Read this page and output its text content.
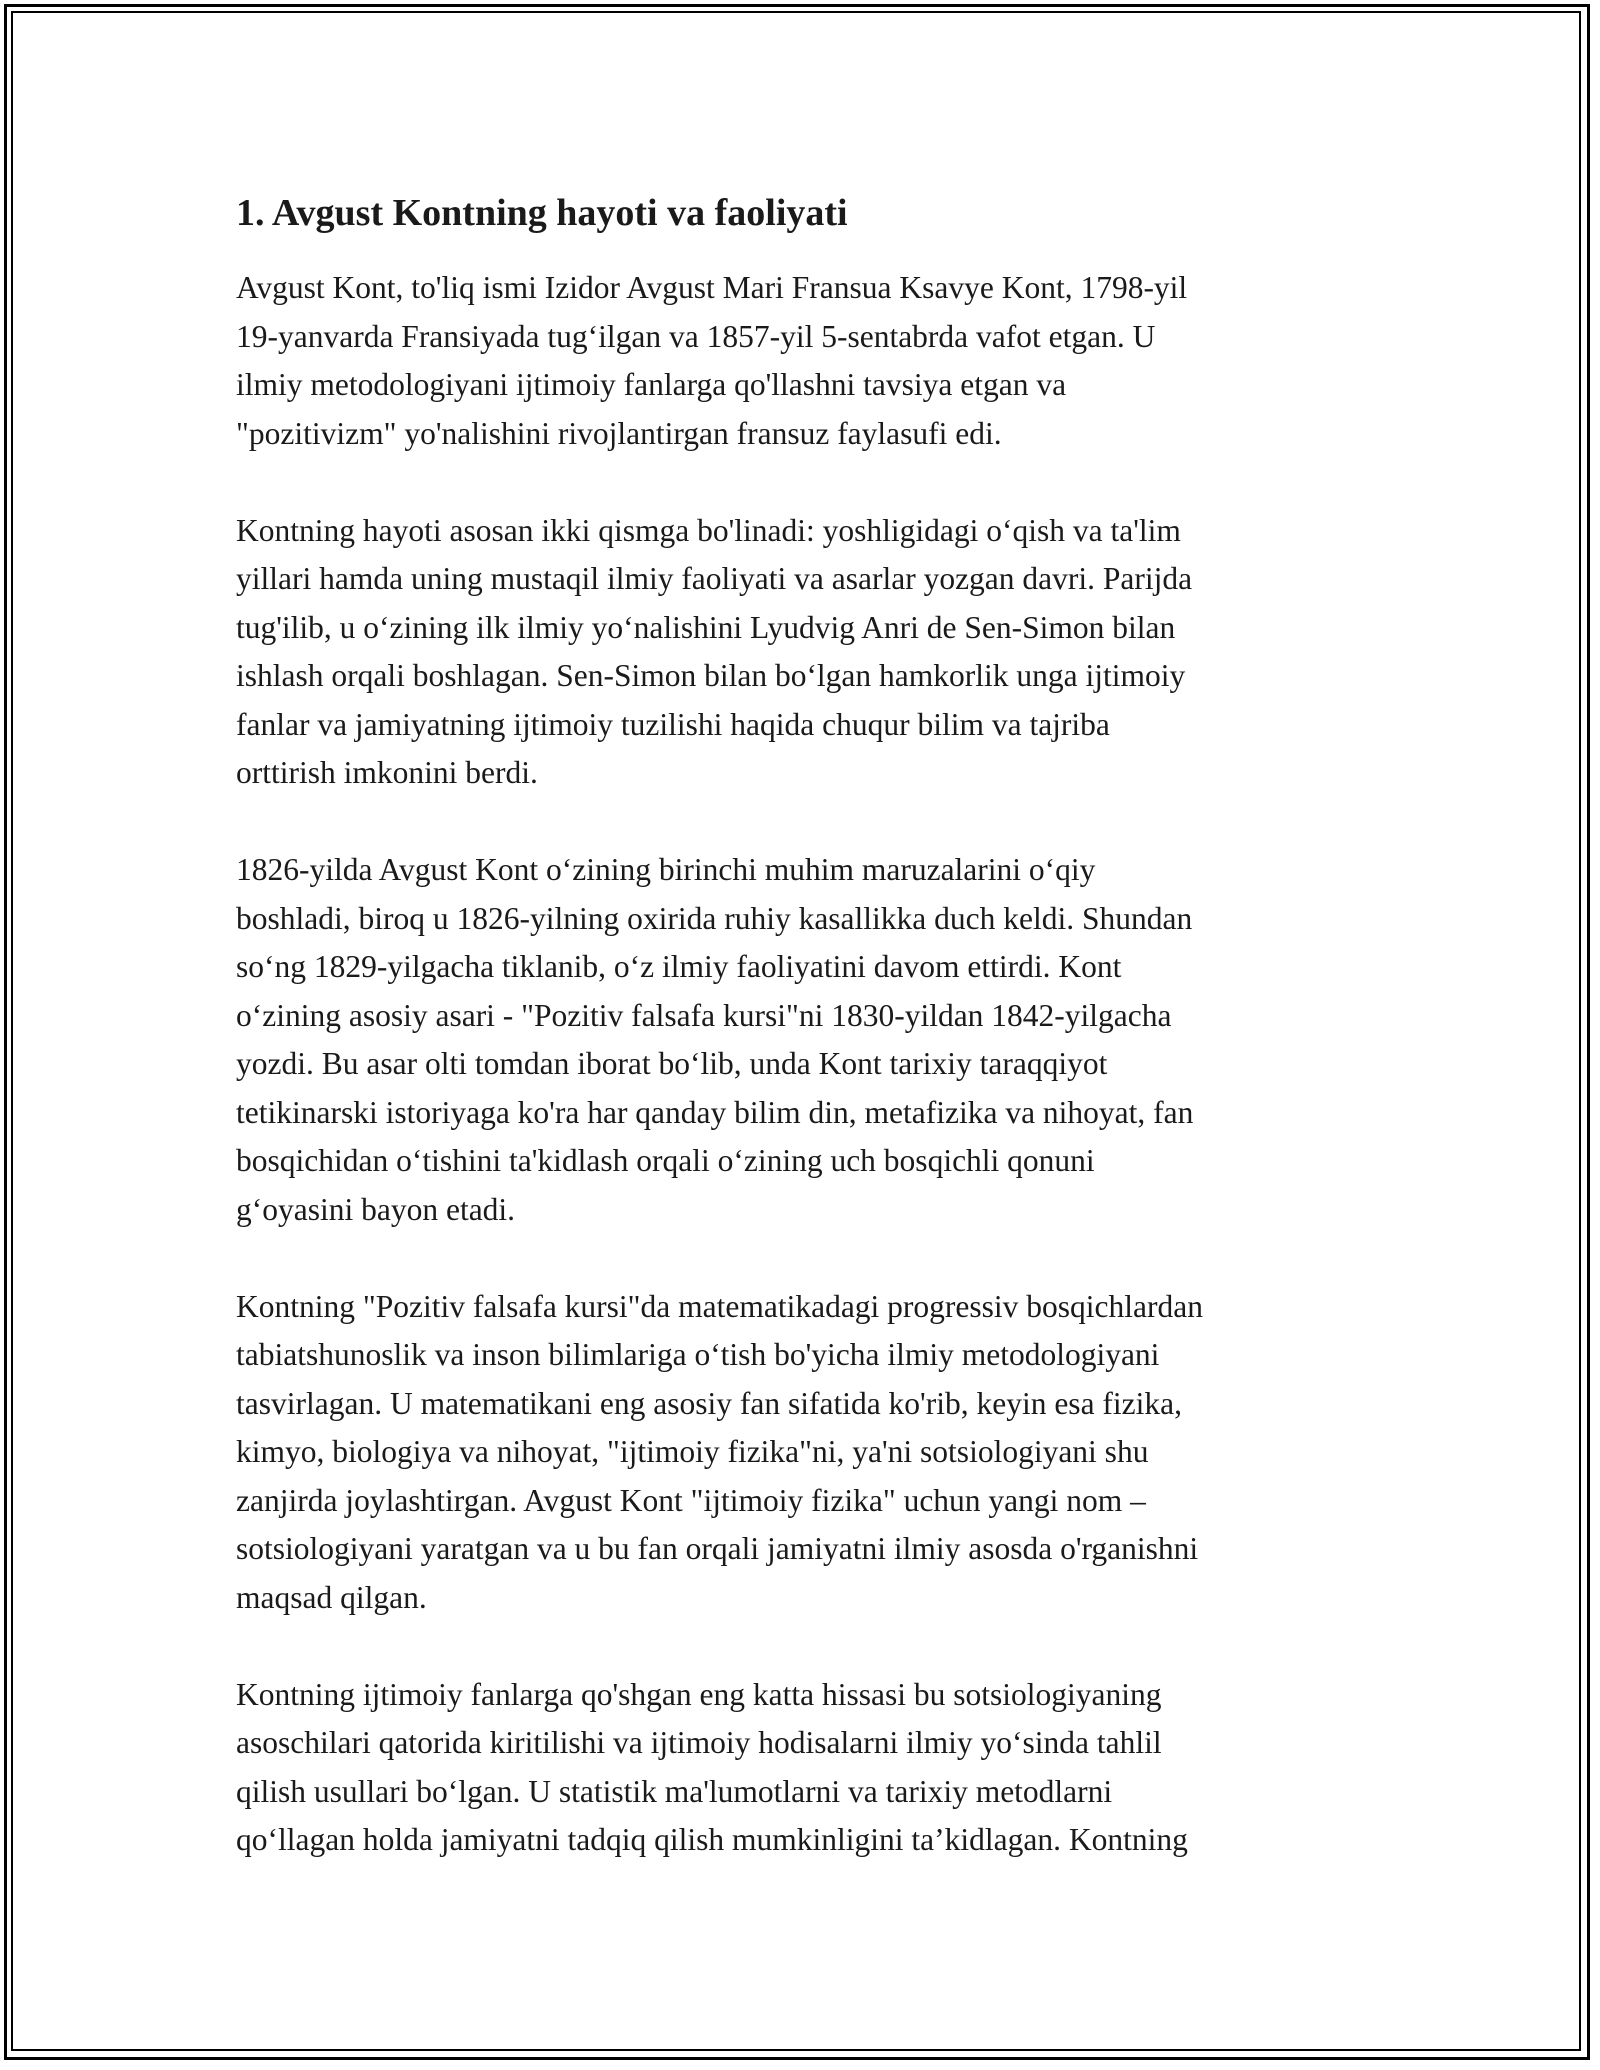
1. Avgust Kontning hayoti va faoliyati

Avgust Kont, to'liq ismi Izidor Avgust Mari Fransua Ksavye Kont, 1798-yil
19-yanvarda Fransiyada tug‘ilgan va 1857-yil 5-sentabrda vafot etgan. U
ilmiy metodologiyani ijtimoiy fanlarga qo'llashni tavsiya etgan va
"pozitivizm" yo'nalishini rivojlantirgan fransuz faylasufi edi.

Kontning hayoti asosan ikki qismga bo'linadi: yoshligidagi o‘qish va ta'lim
yillari hamda uning mustaqil ilmiy faoliyati va asarlar yozgan davri. Parijda
tug'ilib, u o‘zining ilk ilmiy yo‘nalishini Lyudvig Anri de Sen-Simon bilan
ishlash orqali boshlagan. Sen-Simon bilan bo‘lgan hamkorlik unga ijtimoiy
fanlar va jamiyatning ijtimoiy tuzilishi haqida chuqur bilim va tajriba
orttirish imkonini berdi.

1826-yilda Avgust Kont o‘zining birinchi muhim maruzalarini o‘qiy
boshladi, biroq u 1826-yilning oxirida ruhiy kasallikka duch keldi. Shundan
so‘ng 1829-yilgacha tiklanib, o‘z ilmiy faoliyatini davom ettirdi. Kont
o‘zining asosiy asari - "Pozitiv falsafa kursi"ni 1830-yildan 1842-yilgacha
yozdi. Bu asar olti tomdan iborat bo‘lib, unda Kont tarixiy taraqqiyot
tetikinarski istoriyaga ko'ra har qanday bilim din, metafizika va nihoyat, fan
bosqichidan o‘tishini ta'kidlash orqali o‘zining uch bosqichli qonuni
g‘oyasini bayon etadi.

Kontning "Pozitiv falsafa kursi"da matematikadagi progressiv bosqichlardan
tabiatshunoslik va inson bilimlariga o‘tish bo'yicha ilmiy metodologiyani
tasvirlagan. U matematikani eng asosiy fan sifatida ko'rib, keyin esa fizika,
kimyo, biologiya va nihoyat, "ijtimoiy fizika"ni, ya'ni sotsiologiyani shu
zanjirda joylashtirgan. Avgust Kont "ijtimoiy fizika" uchun yangi nom –
sotsiologiyani yaratgan va u bu fan orqali jamiyatni ilmiy asosda o'rganishni
maqsad qilgan.

Kontning ijtimoiy fanlarga qo'shgan eng katta hissasi bu sotsiologiyaning
asoschilari qatorida kiritilishi va ijtimoiy hodisalarni ilmiy yo‘sinda tahlil
qilish usullari bo‘lgan. U statistik ma'lumotlarni va tarixiy metodlarni
qo‘llagan holda jamiyatni tadqiq qilish mumkinligini ta’kidlagan. Kontning
